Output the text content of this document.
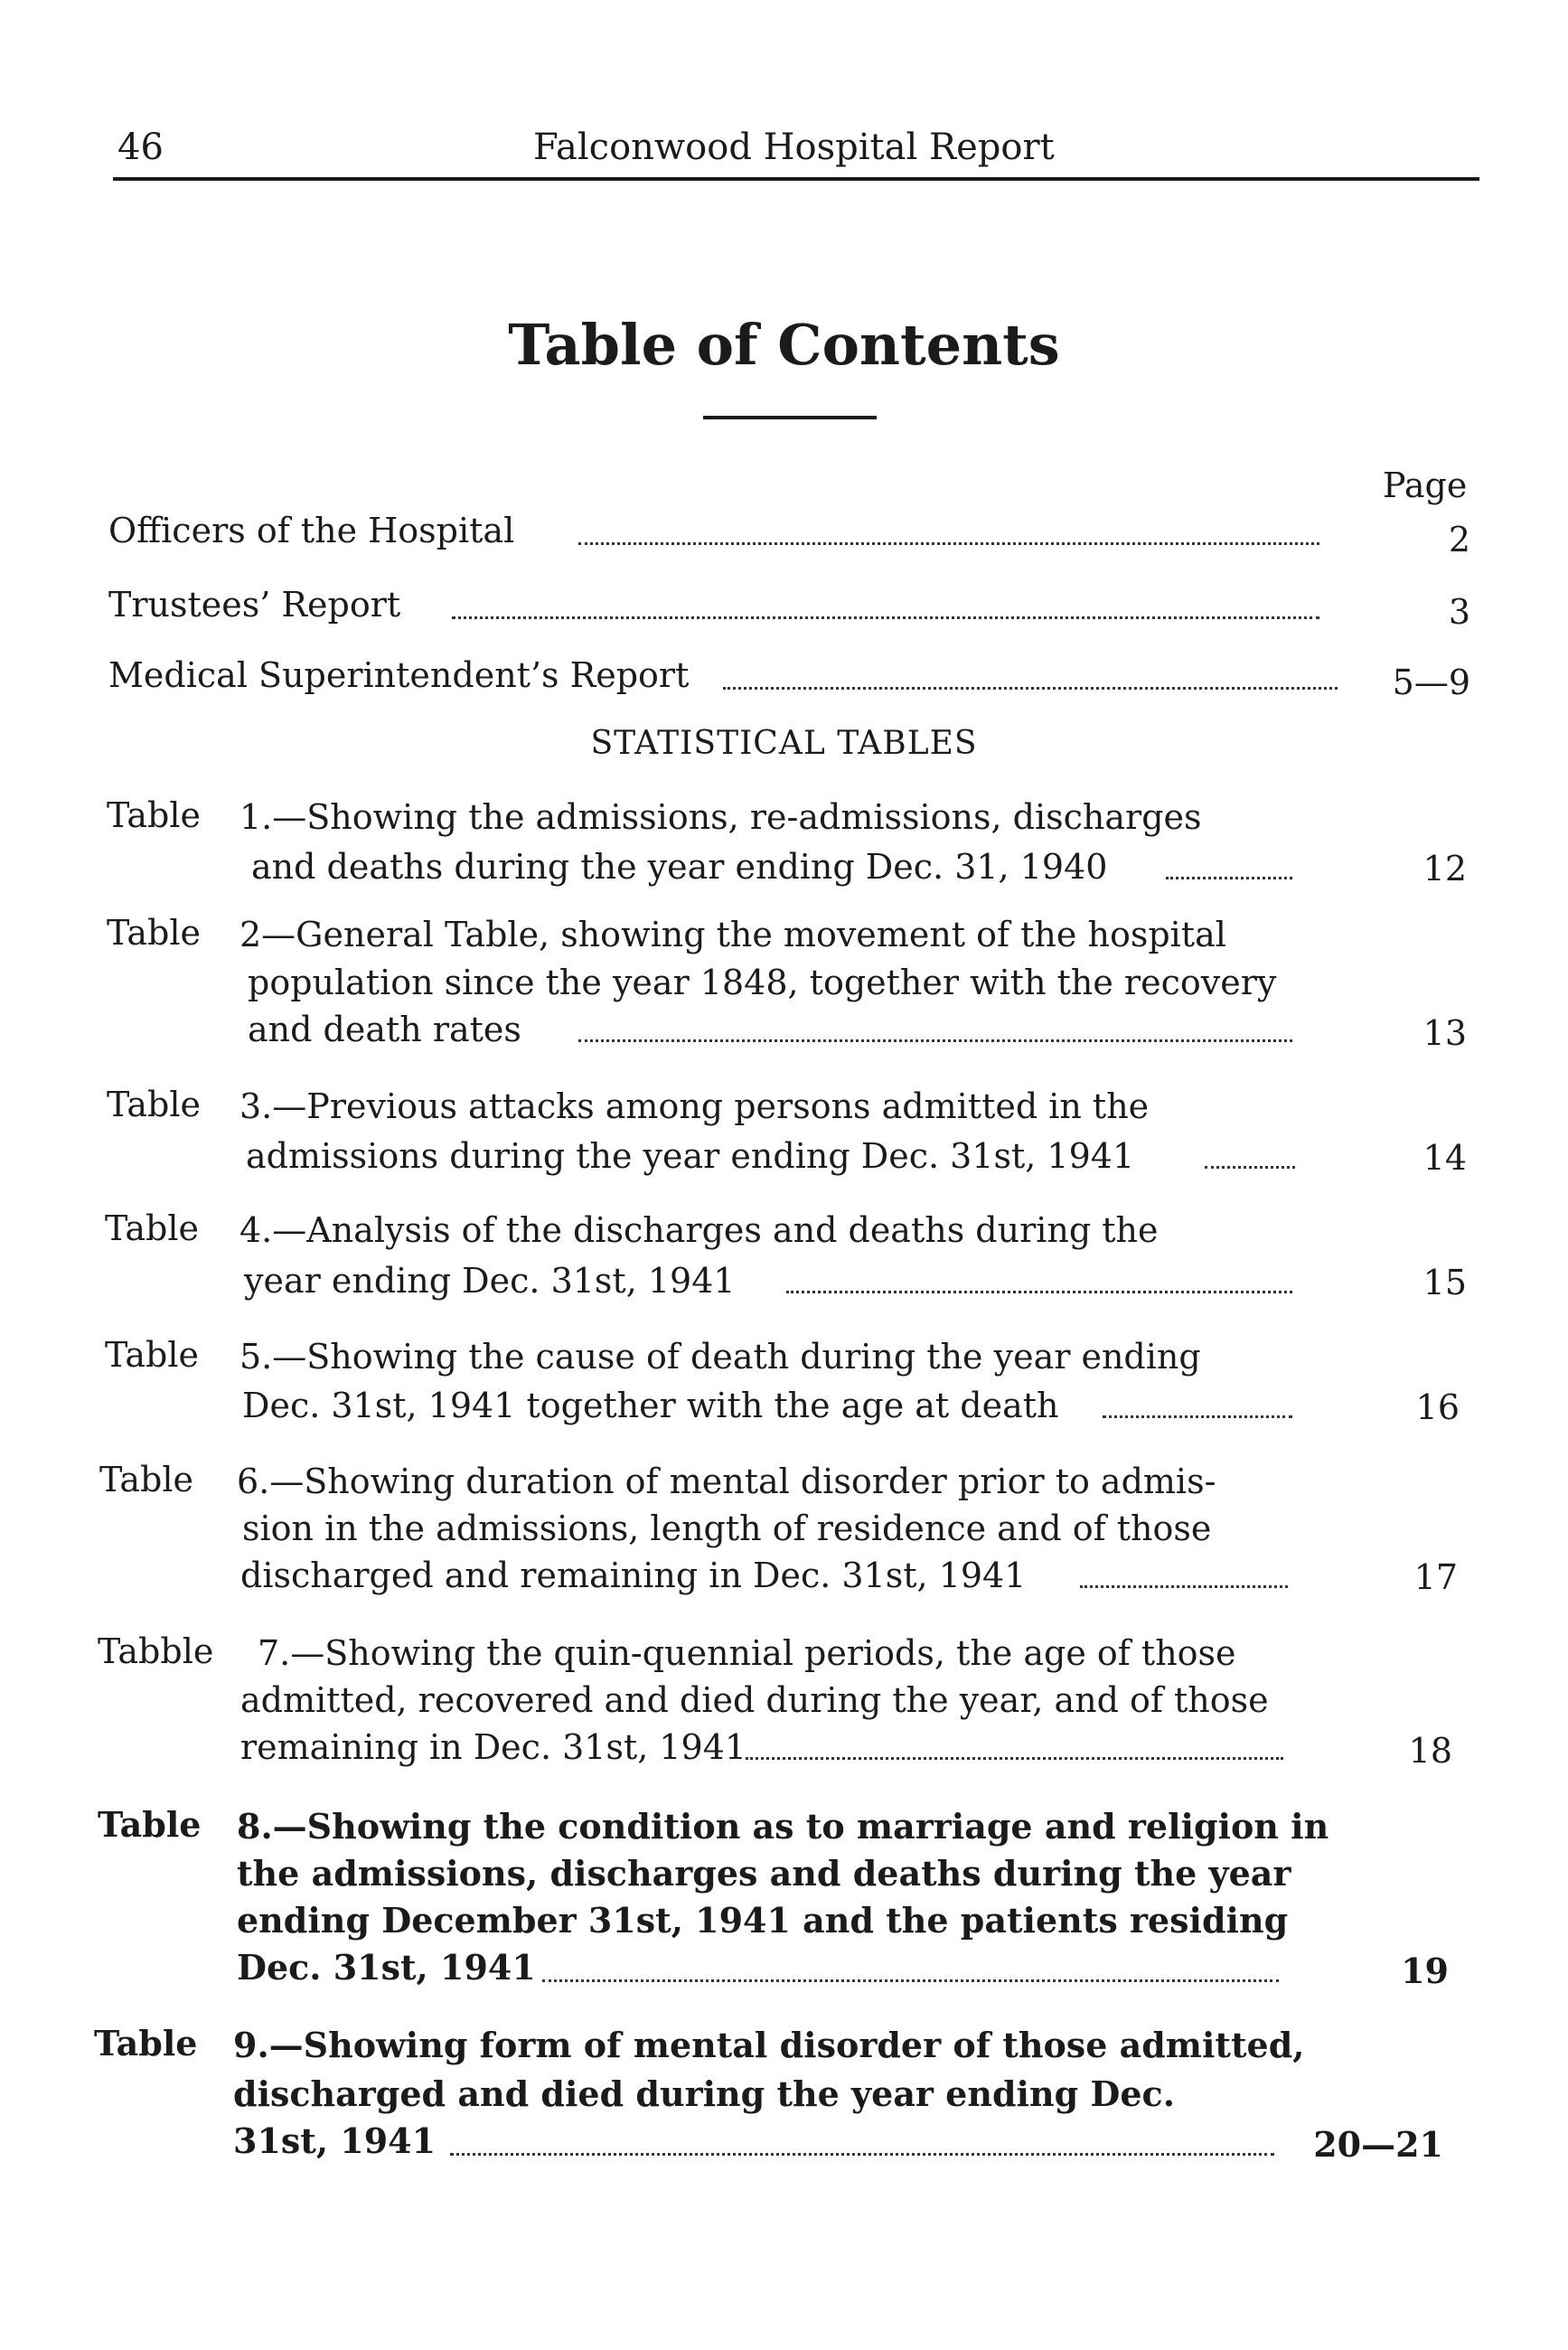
46	Falconwood Hospital Report
Table of Contents
Page
Officers of the Hospital	2
Trustees’ Report	3
Medical Superintendent’s Report	5—9
STATISTICAL TABLES
Table 1.—Showing the admissions, re-admissions, discharges
and deaths during the year ending Dec. 31, 1940	12
Table 2—General Table, showing the movement of the hospital
population since the year 1848, together with the recovery
and death rates	13
Table 3.—Previous attacks among persons admitted in the
admissions during the year ending Dec. 31st, 1941	14
Table 4.—Analysis of the discharges and deaths during the
year ending Dec. 31st, 1941	15
Table 5.—Showing the cause of death during the year ending
Dec. 31st, 1941 together with the age at death	16
Table 6.—Showing duration of mental disorder prior to admis-
sion in the admissions, length of residence and of those
discharged and remaining in Dec. 31st, 1941	17
Tabble 7.—Showing the quin-quennial periods, the age of those
admitted, recovered and died during the year, and of those
remaining in Dec. 31st, 1941	18
Table 8.—Showing the condition as to marriage and religion in
the admissions, discharges and deaths during the year
ending December 31st, 1941 and the patients residing
Dec. 31st, 1941	19
Table 9.—Showing form of mental disorder of those admitted,
discharged and died during the year ending Dec.
31st, 1941	20—21
